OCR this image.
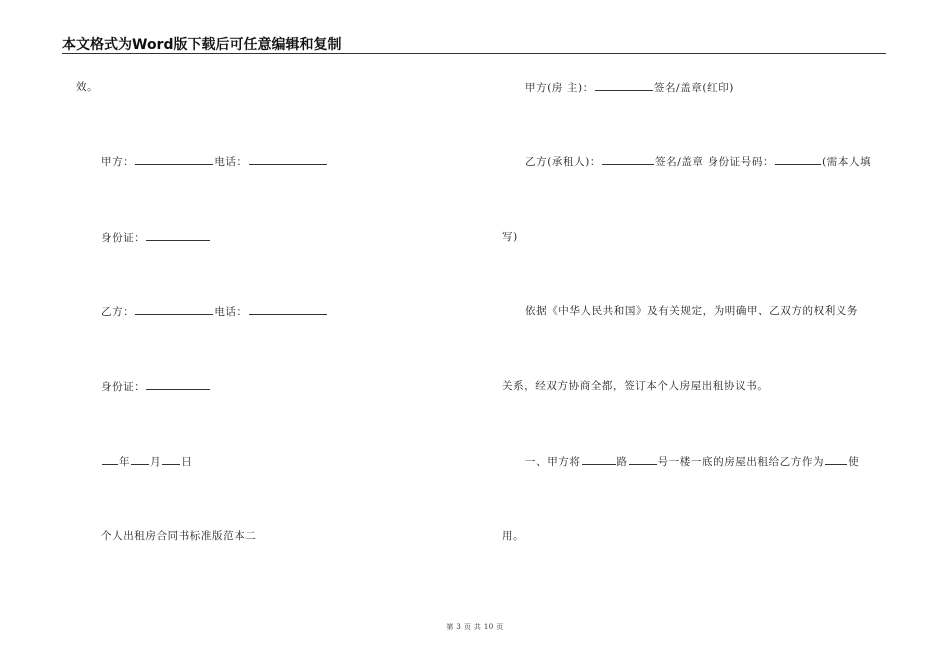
本文格式为Word版下载后可任意编辑和复制
效。
甲方：	电话：
身份证：
乙方：	电话：
身份证：
年 月 日
个人出租房合同书标准版范本二
甲方(房 主)：	签名/盖章(红印)
乙方(承租人)：	签名/盖章 身份证号码：	(需本人填
写)
依据《中华人民共和国》及有关规定，为明确甲、乙双方的权利义务
关系，经双方协商全都，签订本个人房屋出租协议书。
一、甲方将	路	号一楼一底的房屋出租给乙方作为 使
用。
第 3 页 共 10 页
